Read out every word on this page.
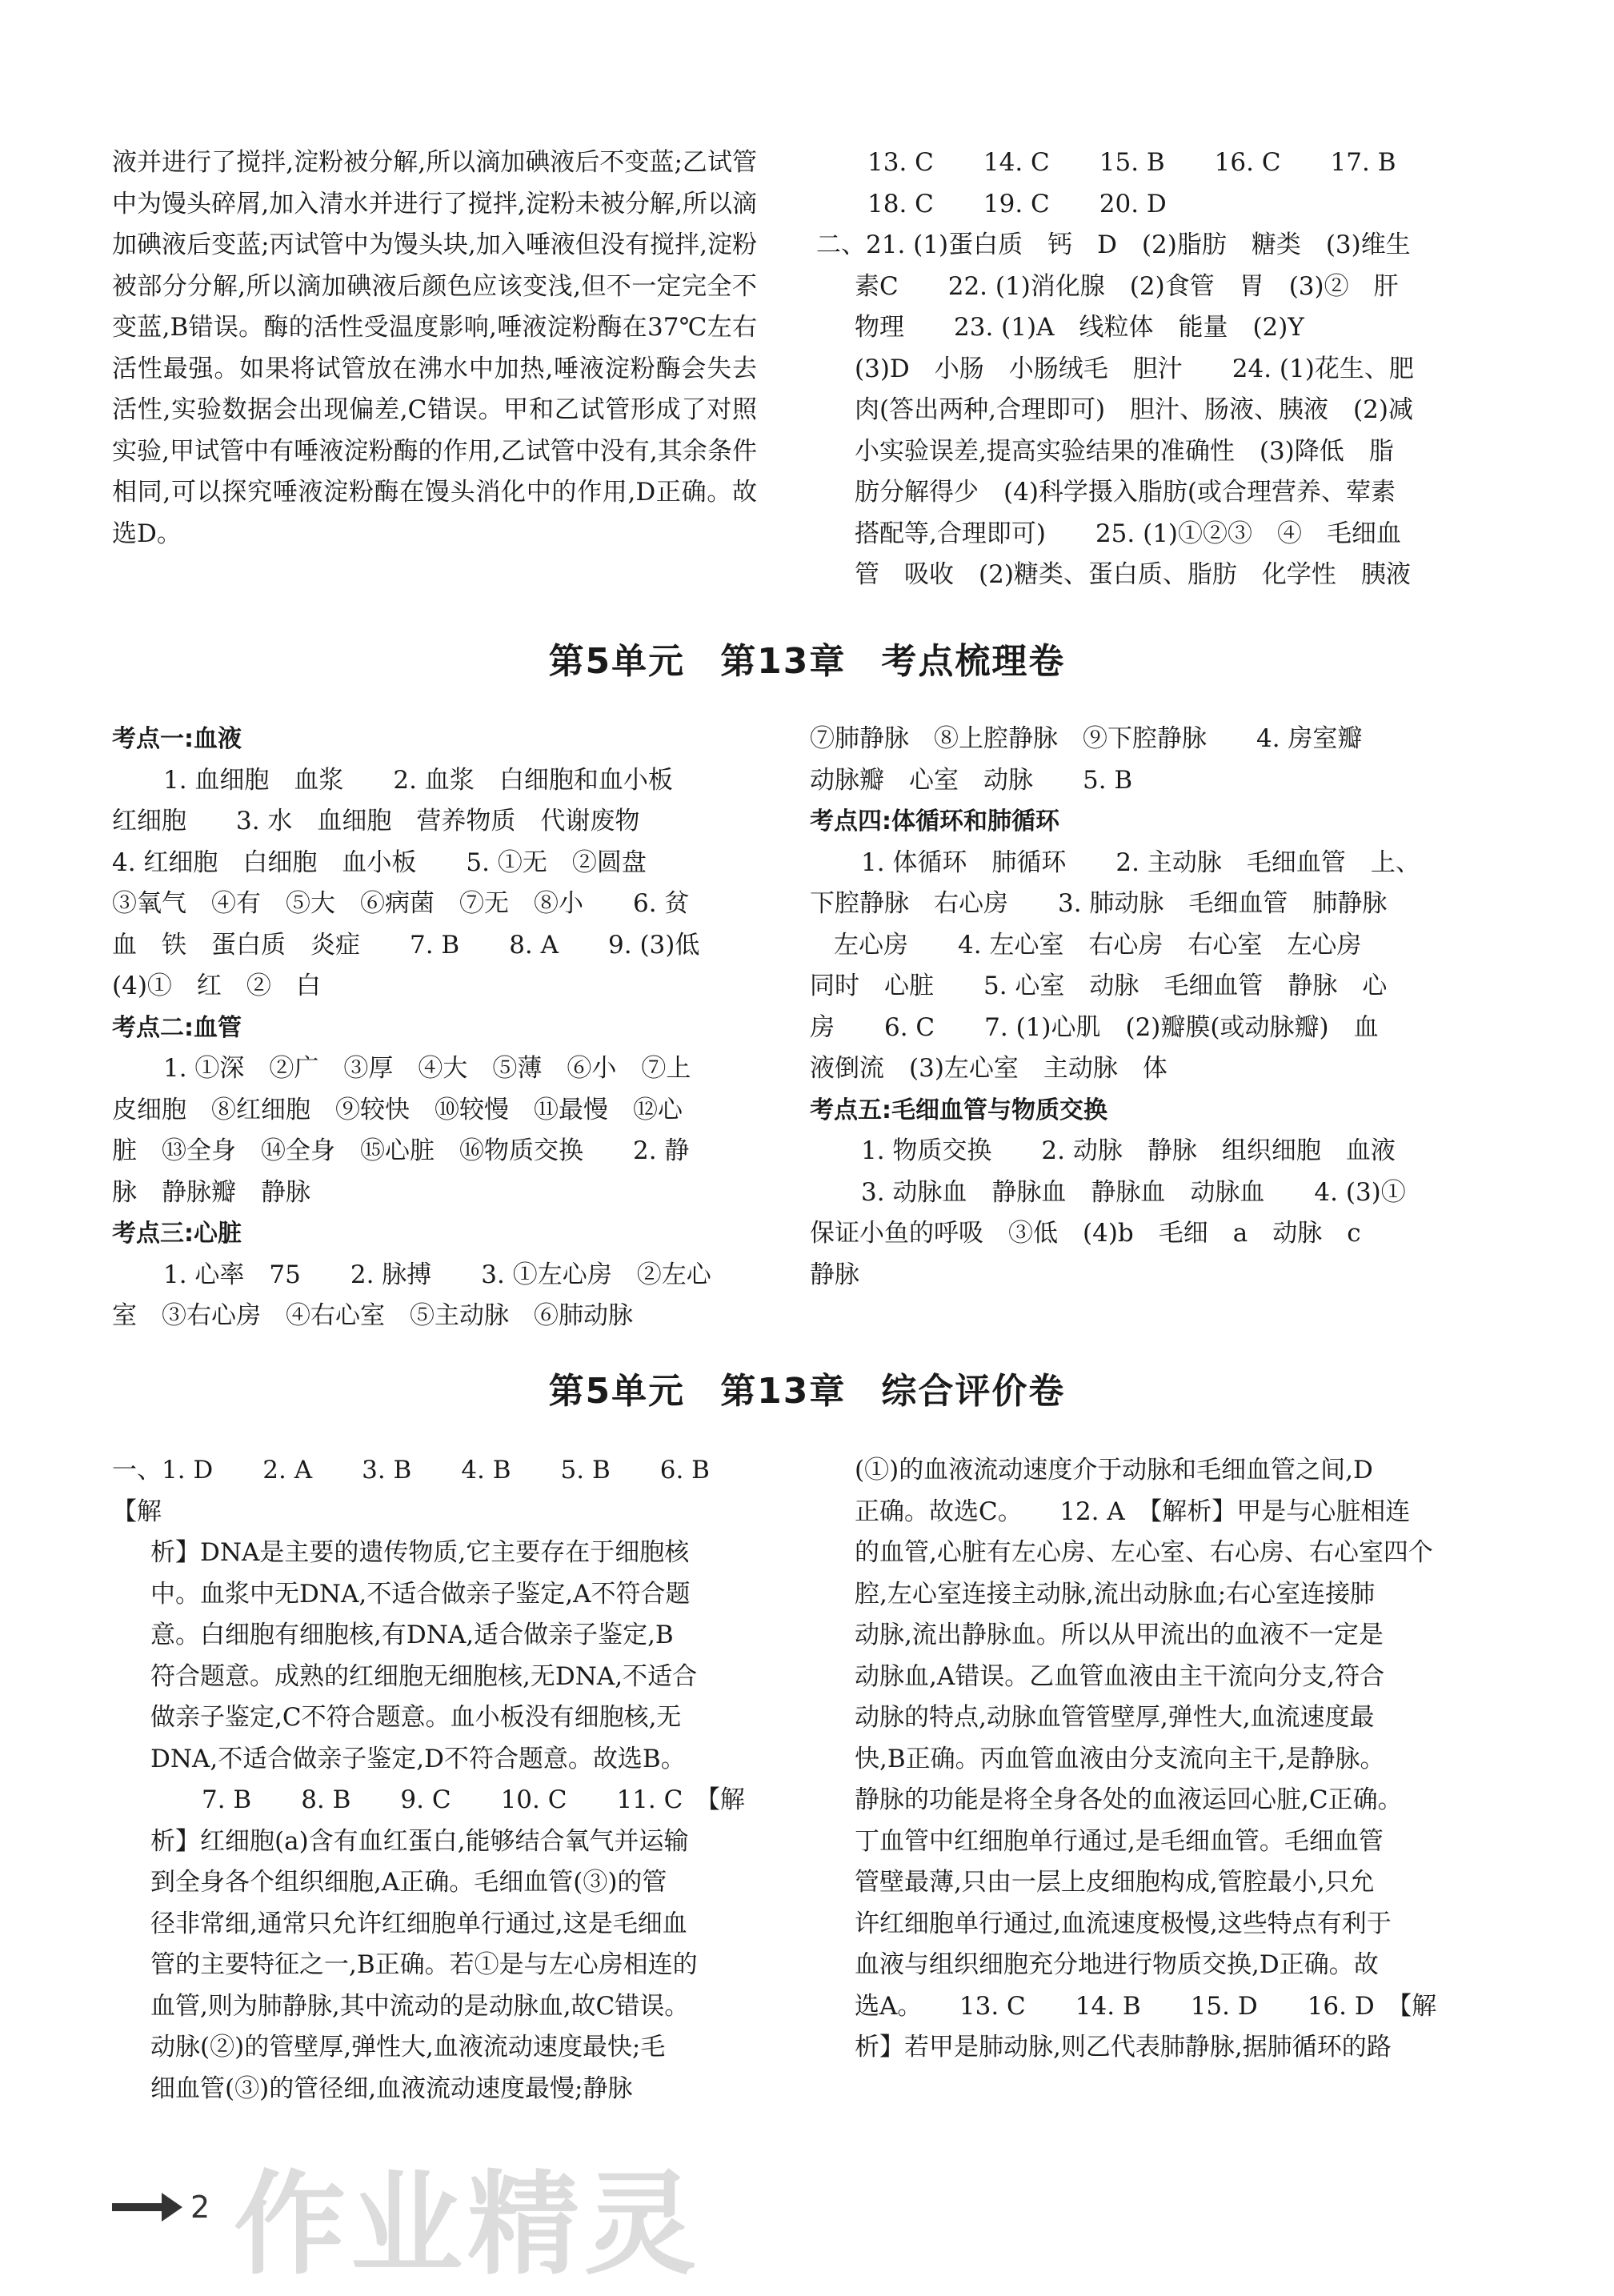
液并进行了搅拌,淀粉被分解,所以滴加碘液后不变蓝;乙试管中为馒头碎屑,加入清水并进行了搅拌,淀粉未被分解,所以滴加碘液后变蓝;丙试管中为馒头块,加入唾液但没有搅拌,淀粉被部分分解,所以滴加碘液后颜色应该变浅,但不一定完全不变蓝,B错误。酶的活性受温度影响,唾液淀粉酶在37℃左右活性最强。如果将试管放在沸水中加热,唾液淀粉酶会失去活性,实验数据会出现偏差,C错误。甲和乙试管形成了对照实验,甲试管中有唾液淀粉酶的作用,乙试管中没有,其余条件相同,可以探究唾液淀粉酶在馒头消化中的作用,D正确。故选D。

13. C　　14. C　　15. B　　16. C　　17. B
18. C　　19. C　　20. D
二、21. (1)蛋白质　钙　D　(2)脂肪　糖类　(3)维生
素C　　22. (1)消化腺　(2)食管　胃　(3)②　肝
物理　　23. (1)A　线粒体　能量　(2)Y
(3)D　小肠　小肠绒毛　胆汁　　24. (1)花生、肥
肉(答出两种,合理即可)　胆汁、肠液、胰液　(2)减
小实验误差,提高实验结果的准确性　(3)降低　脂
肪分解得少　(4)科学摄入脂肪(或合理营养、荤素
搭配等,合理即可)　　25. (1)①②③　④　毛细血
管　吸收　(2)糖类、蛋白质、脂肪　化学性　胰液
第5单元 第13章 考点梳理卷
考点一:血液
1. 血细胞　血浆　　2. 血浆　白细胞和血小板
红细胞　　3. 水　血细胞　营养物质　代谢废物
4. 红细胞　白细胞　血小板　　5. ①无　②圆盘
③氧气　④有　⑤大　⑥病菌　⑦无　⑧小　　6. 贫
血　铁　蛋白质　炎症　　7. B　　8. A　　9. (3)低
(4)①　红　②　白
考点二:血管
1. ①深　②广　③厚　④大　⑤薄　⑥小　⑦上
皮细胞　⑧红细胞　⑨较快　⑩较慢　⑪最慢　⑫心
脏　⑬全身　⑭全身　⑮心脏　⑯物质交换　　2. 静
脉　静脉瓣　静脉
考点三:心脏
1. 心率　75　　2. 脉搏　　3. ①左心房　②左心
室　③右心房　④右心室　⑤主动脉　⑥肺动脉
⑦肺静脉　⑧上腔静脉　⑨下腔静脉　　4. 房室瓣
动脉瓣　心室　动脉　　5. B
考点四:体循环和肺循环
1. 体循环　肺循环　　2. 主动脉　毛细血管　上、
下腔静脉　右心房　　3. 肺动脉　毛细血管　肺静脉
左心房　　4. 左心室　右心房　右心室　左心房
同时　心脏　　5. 心室　动脉　毛细血管　静脉　心
房　　6. C　　7. (1)心肌　(2)瓣膜(或动脉瓣)　血
液倒流　(3)左心室　主动脉　体
考点五:毛细血管与物质交换
1. 物质交换　　2. 动脉　静脉　组织细胞　血液
3. 动脉血　静脉血　静脉血　动脉血　　4. (3)①
保证小鱼的呼吸　③低　(4)b　毛细　a　动脉　c
静脉
第5单元 第13章 综合评价卷
一、1. D　　2. A　　3. B　　4. B　　5. B　　6. B　【解
析】DNA是主要的遗传物质,它主要存在于细胞核
中。血浆中无DNA,不适合做亲子鉴定,A不符合题
意。白细胞有细胞核,有DNA,适合做亲子鉴定,B
符合题意。成熟的红细胞无细胞核,无DNA,不适合
做亲子鉴定,C不符合题意。血小板没有细胞核,无
DNA,不适合做亲子鉴定,D不符合题意。故选B。
7. B　　8. B　　9. C　　10. C　　11. C　【解
析】红细胞(a)含有血红蛋白,能够结合氧气并运输
到全身各个组织细胞,A正确。毛细血管(③)的管
径非常细,通常只允许红细胞单行通过,这是毛细血
管的主要特征之一,B正确。若①是与左心房相连的
血管,则为肺静脉,其中流动的是动脉血,故C错误。
动脉(②)的管壁厚,弹性大,血液流动速度最快;毛
细血管(③)的管径细,血液流动速度最慢;静脉
(①)的血液流动速度介于动脉和毛细血管之间,D
正确。故选C。　　12. A　【解析】甲是与心脏相连
的血管,心脏有左心房、左心室、右心房、右心室四个
腔,左心室连接主动脉,流出动脉血;右心室连接肺
动脉,流出静脉血。所以从甲流出的血液不一定是
动脉血,A错误。乙血管血液由主干流向分支,符合
动脉的特点,动脉血管管壁厚,弹性大,血流速度最
快,B正确。丙血管血液由分支流向主干,是静脉。
静脉的功能是将全身各处的血液运回心脏,C正确。
丁血管中红细胞单行通过,是毛细血管。毛细血管
管壁最薄,只由一层上皮细胞构成,管腔最小,只允
许红细胞单行通过,血流速度极慢,这些特点有利于
血液与组织细胞充分地进行物质交换,D正确。故
选A。　　13. C　　14. B　　15. D　　16. D　【解
析】若甲是肺动脉,则乙代表肺静脉,据肺循环的路
2 作业精灵
